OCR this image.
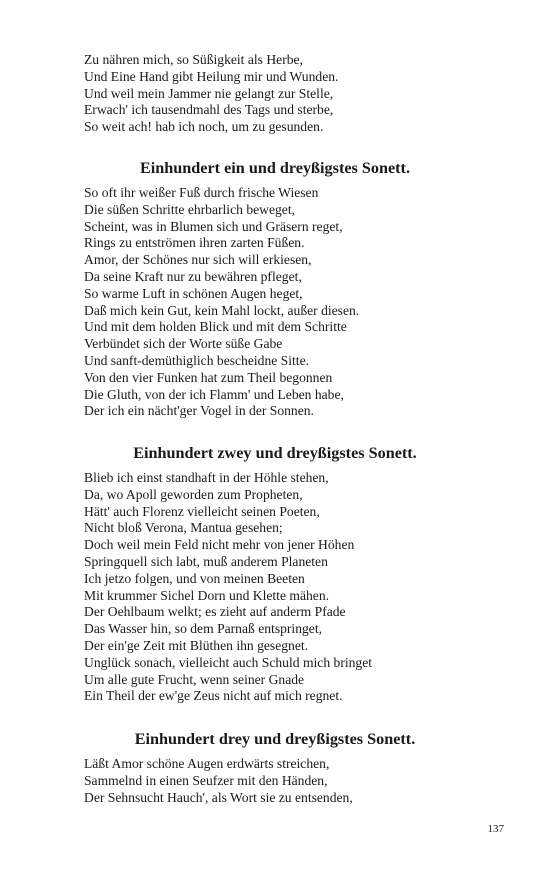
Zu nähren mich, so Süßigkeit als Herbe,
Und Eine Hand gibt Heilung mir und Wunden.
Und weil mein Jammer nie gelangt zur Stelle,
Erwach' ich tausendmahl des Tags und sterbe,
So weit ach! hab ich noch, um zu gesunden.
Einhundert ein und dreyßigstes Sonett.
So oft ihr weißer Fuß durch frische Wiesen
Die süßen Schritte ehrbarlich beweget,
Scheint, was in Blumen sich und Gräsern reget,
Rings zu entströmen ihren zarten Füßen.
Amor, der Schönes nur sich will erkiesen,
Da seine Kraft nur zu bewähren pfleget,
So warme Luft in schönen Augen heget,
Daß mich kein Gut, kein Mahl lockt, außer diesen.
Und mit dem holden Blick und mit dem Schritte
Verbündet sich der Worte süße Gabe
Und sanft-demüthiglich bescheidne Sitte.
Von den vier Funken hat zum Theil begonnen
Die Gluth, von der ich Flamm' und Leben habe,
Der ich ein nächt'ger Vogel in der Sonnen.
Einhundert zwey und dreyßigstes Sonett.
Blieb ich einst standhaft in der Höhle stehen,
Da, wo Apoll geworden zum Propheten,
Hätt' auch Florenz vielleicht seinen Poeten,
Nicht bloß Verona, Mantua gesehen;
Doch weil mein Feld nicht mehr von jener Höhen
Springquell sich labt, muß anderem Planeten
Ich jetzo folgen, und von meinen Beeten
Mit krummer Sichel Dorn und Klette mähen.
Der Oehlbaum welkt; es zieht auf anderm Pfade
Das Wasser hin, so dem Parnaß entspringet,
Der ein'ge Zeit mit Blüthen ihn gesegnet.
Unglück sonach, vielleicht auch Schuld mich bringet
Um alle gute Frucht, wenn seiner Gnade
Ein Theil der ew'ge Zeus nicht auf mich regnet.
Einhundert drey und dreyßigstes Sonett.
Läßt Amor schöne Augen erdwärts streichen,
Sammelnd in einen Seufzer mit den Händen,
Der Sehnsucht Hauch', als Wort sie zu entsenden,
137
